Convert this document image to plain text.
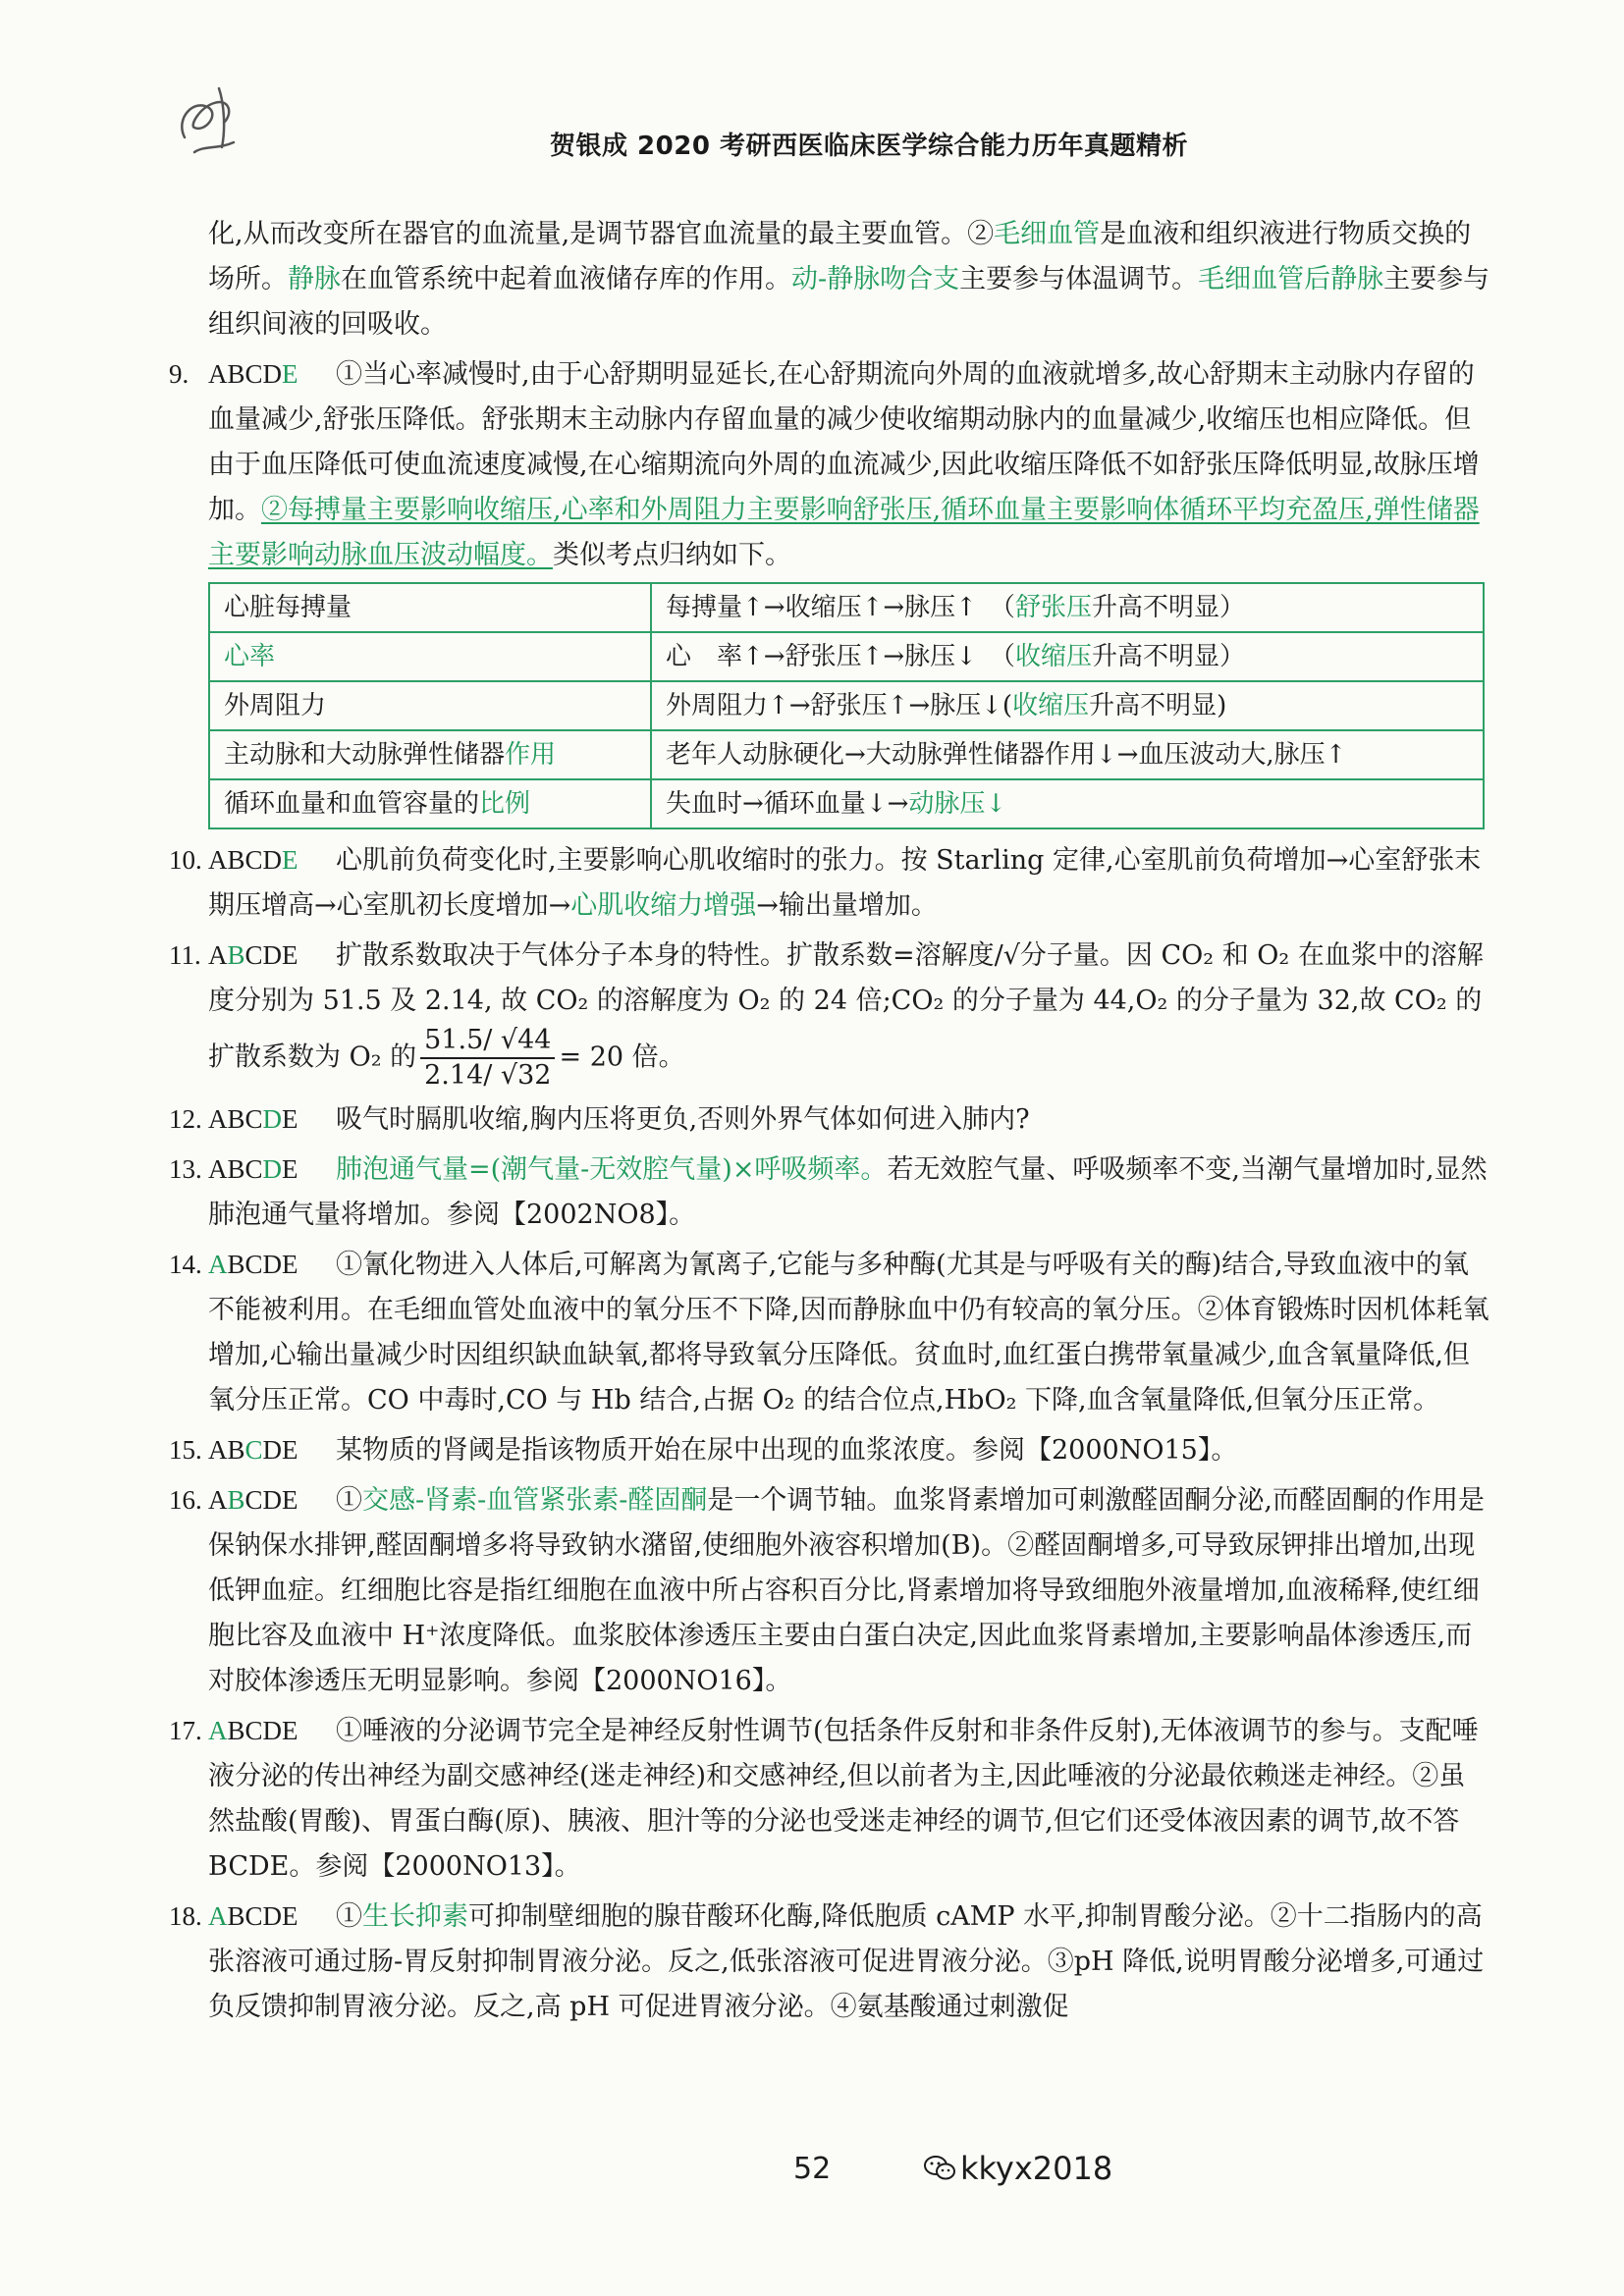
贺银成 2020 考研西医临床医学综合能力历年真题精析

化,从而改变所在器官的血流量,是调节器官血流量的最主要血管。②毛细血管是血液和组织液进行物质交换的场所。静脉在血管系统中起着血液储存库的作用。动-静脉吻合支主要参与体温调节。毛细血管后静脉主要参与组织间液的回吸收。

9. ABCDE ①当心率减慢时,由于心舒期明显延长,在心舒期流向外周的血液就增多,故心舒期末主动脉内存留的血量减少,舒张压降低。舒张期末主动脉内存留血量的减少使收缩期动脉内的血量减少,收缩压也相应降低。但由于血压降低可使血流速度减慢,在心缩期流向外周的血流减少,因此收缩压降低不如舒张压降低明显,故脉压增加。②每搏量主要影响收缩压,心率和外周阻力主要影响舒张压,循环血量主要影响体循环平均充盈压,弹性储器主要影响动脉血压波动幅度。类似考点归纳如下。
心脏每搏量	每搏量↑→收缩压↑→脉压↑　（舒张压升高不明显）
心率	心　率↑→舒张压↑→脉压↓　（收缩压升高不明显）
外周阻力	外周阻力↑→舒张压↑→脉压↓(收缩压升高不明显)
主动脉和大动脉弹性储器作用	老年人动脉硬化→大动脉弹性储器作用↓→血压波动大,脉压↑
循环血量和血管容量的比例	失血时→循环血量↓→动脉压↓
10. ABCDE 心肌前负荷变化时,主要影响心肌收缩时的张力。按 Starling 定律,心室肌前负荷增加→心室舒张末期压增高→心室肌初长度增加→心肌收缩力增强→输出量增加。
11. ABCDE 扩散系数取决于气体分子本身的特性。扩散系数=溶解度/√分子量。因 CO₂ 和 O₂ 在血浆中的溶解度分别为 51.5 及 2.14, 故 CO₂ 的溶解度为 O₂ 的 24 倍;CO₂ 的分子量为 44,O₂ 的分子量为 32,故 CO₂ 的扩散系数为 O₂ 的 $\frac{51.5/ √44}{2.14/ √32} = 20$ 倍。
12. ABCDE 吸气时膈肌收缩,胸内压将更负,否则外界气体如何进入肺内?
13. ABCDE 肺泡通气量=(潮气量-无效腔气量)×呼吸频率。若无效腔气量、呼吸频率不变,当潮气量增加时,显然肺泡通气量将增加。参阅【2002NO8】。
14. ABCDE ①氰化物进入人体后,可解离为氰离子,它能与多种酶(尤其是与呼吸有关的酶)结合,导致血液中的氧不能被利用。在毛细血管处血液中的氧分压不下降,因而静脉血中仍有较高的氧分压。②体育锻炼时因机体耗氧增加,心输出量减少时因组织缺血缺氧,都将导致氧分压降低。贫血时,血红蛋白携带氧量减少,血含氧量降低,但氧分压正常。CO 中毒时,CO 与 Hb 结合,占据 O₂ 的结合位点,HbO₂ 下降,血含氧量降低,但氧分压正常。
15. ABCDE 某物质的肾阈是指该物质开始在尿中出现的血浆浓度。参阅【2000NO15】。
16. ABCDE ①交感-肾素-血管紧张素-醛固酮是一个调节轴。血浆肾素增加可刺激醛固酮分泌,而醛固酮的作用是保钠保水排钾,醛固酮增多将导致钠水潴留,使细胞外液容积增加(B)。②醛固酮增多,可导致尿钾排出增加,出现低钾血症。红细胞比容是指红细胞在血液中所占容积百分比,肾素增加将导致细胞外液量增加,血液稀释,使红细胞比容及血液中 H⁺浓度降低。血浆胶体渗透压主要由白蛋白决定,因此血浆肾素增加,主要影响晶体渗透压,而对胶体渗透压无明显影响。参阅【2000NO16】。
17. ABCDE ①唾液的分泌调节完全是神经反射性调节(包括条件反射和非条件反射),无体液调节的参与。支配唾液分泌的传出神经为副交感神经(迷走神经)和交感神经,但以前者为主,因此唾液的分泌最依赖迷走神经。②虽然盐酸(胃酸)、胃蛋白酶(原)、胰液、胆汁等的分泌也受迷走神经的调节,但它们还受体液因素的调节,故不答 BCDE。参阅【2000NO13】。
18. ABCDE ①生长抑素可抑制壁细胞的腺苷酸环化酶,降低胞质 cAMP 水平,抑制胃酸分泌。②十二指肠内的高张溶液可通过肠-胃反射抑制胃液分泌。反之,低张溶液可促进胃液分泌。③pH 降低,说明胃酸分泌增多,可通过负反馈抑制胃液分泌。反之,高 pH 可促进胃液分泌。④氨基酸通过刺激促
52	kkyx2018
